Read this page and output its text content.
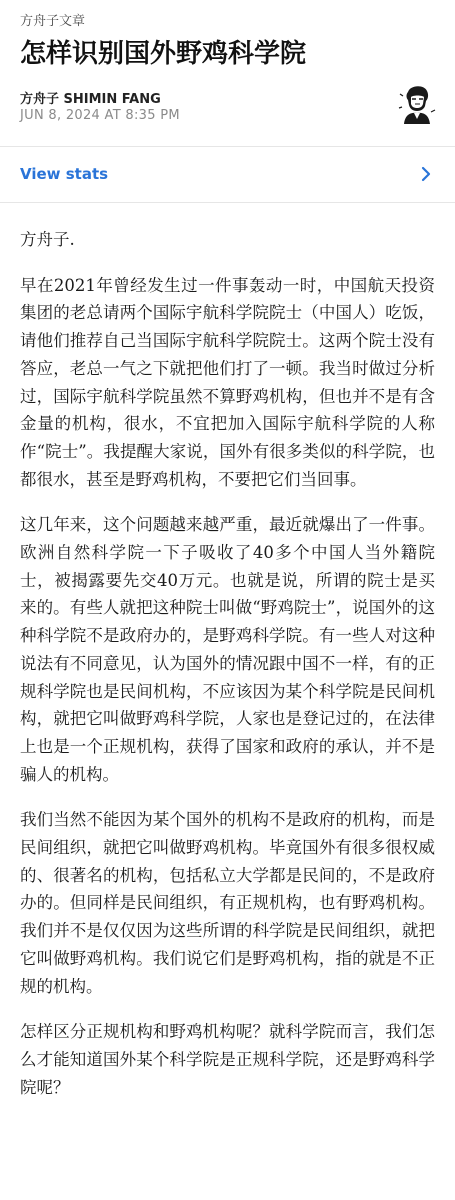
方舟子文章
怎样识别国外野鸡科学院
方舟子 SHIMIN FANG
JUN 8, 2024 AT 8:35 PM
View stats

方舟子.

早在2021年曾经发生过一件事轰动一时，中国航天投资集团的老总请两个国际宇航科学院院士（中国人）吃饭，请他们推荐自己当国际宇航科学院院士。这两个院士没有答应，老总一气之下就把他们打了一顿。我当时做过分析过，国际宇航科学院虽然不算野鸡机构，但也并不是有含金量的机构，很水，不宜把加入国际宇航科学院的人称作“院士”。我提醒大家说，国外有很多类似的科学院，也都很水，甚至是野鸡机构，不要把它们当回事。

这几年来，这个问题越来越严重，最近就爆出了一件事。欧洲自然科学院一下子吸收了40多个中国人当外籍院士，被揭露要先交40万元。也就是说，所谓的院士是买来的。有些人就把这种院士叫做“野鸡院士”，说国外的这种科学院不是政府办的，是野鸡科学院。有一些人对这种说法有不同意见，认为国外的情况跟中国不一样，有的正规科学院也是民间机构，不应该因为某个科学院是民间机构，就把它叫做野鸡科学院，人家也是登记过的，在法律上也是一个正规机构，获得了国家和政府的承认，并不是骗人的机构。

我们当然不能因为某个国外的机构不是政府的机构，而是民间组织，就把它叫做野鸡机构。毕竟国外有很多很权威的、很著名的机构，包括私立大学都是民间的，不是政府办的。但同样是民间组织，有正规机构，也有野鸡机构。我们并不是仅仅因为这些所谓的科学院是民间组织，就把它叫做野鸡机构。我们说它们是野鸡机构，指的就是不正规的机构。

怎样区分正规机构和野鸡机构呢？就科学院而言，我们怎么才能知道国外某个科学院是正规科学院，还是野鸡科学院呢？
